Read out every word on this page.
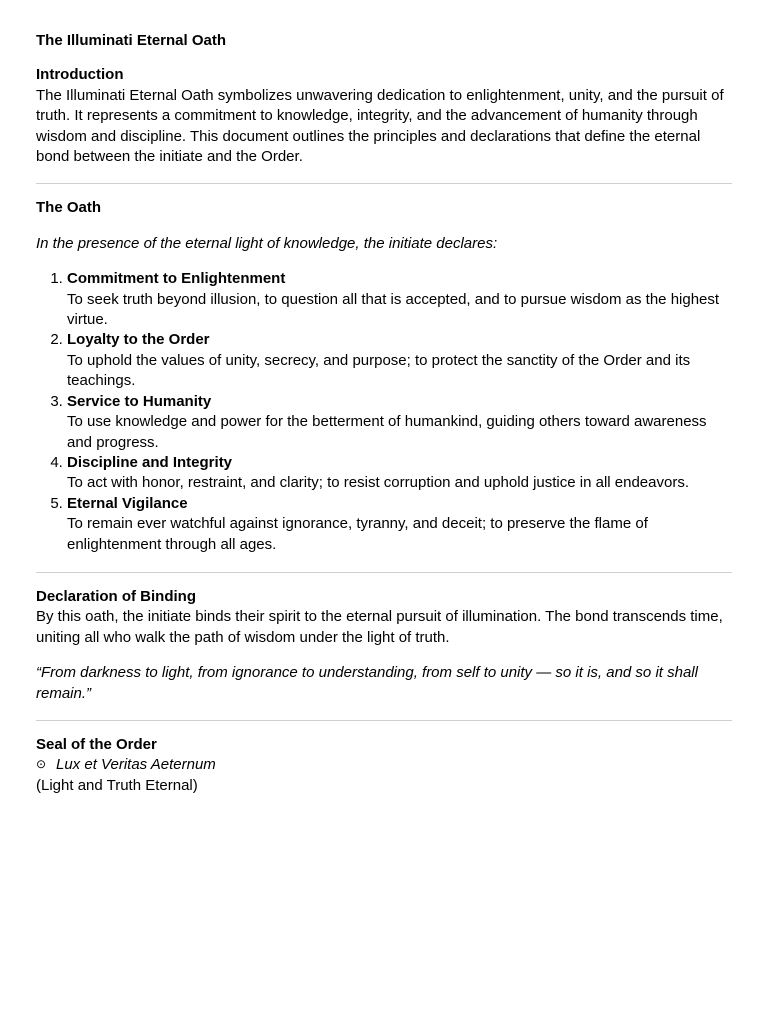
The Illuminati Eternal Oath
Introduction

The Illuminati Eternal Oath symbolizes unwavering dedication to enlightenment, unity, and the pursuit of truth. It represents a commitment to knowledge, integrity, and the advancement of humanity through wisdom and discipline. This document outlines the principles and declarations that define the eternal bond between the initiate and the Order.

The Oath

In the presence of the eternal light of knowledge, the initiate declares:

1. Commitment to Enlightenment
To seek truth beyond illusion, to question all that is accepted, and to pursue wisdom as the highest virtue.
2. Loyalty to the Order
To uphold the values of unity, secrecy, and purpose; to protect the sanctity of the Order and its teachings.
3. Service to Humanity
To use knowledge and power for the betterment of humankind, guiding others toward awareness and progress.
4. Discipline and Integrity
To act with honor, restraint, and clarity; to resist corruption and uphold justice in all endeavors.
5. Eternal Vigilance
To remain ever watchful against ignorance, tyranny, and deceit; to preserve the flame of enlightenment through all ages.
Declaration of Binding

By this oath, the initiate binds their spirit to the eternal pursuit of illumination. The bond transcends time, uniting all who walk the path of wisdom under the light of truth.

“From darkness to light, from ignorance to understanding, from self to unity — so it is, and so it shall remain.”

Seal of the Order
⊙ Lux et Veritas Aeternum
(Light and Truth Eternal)
